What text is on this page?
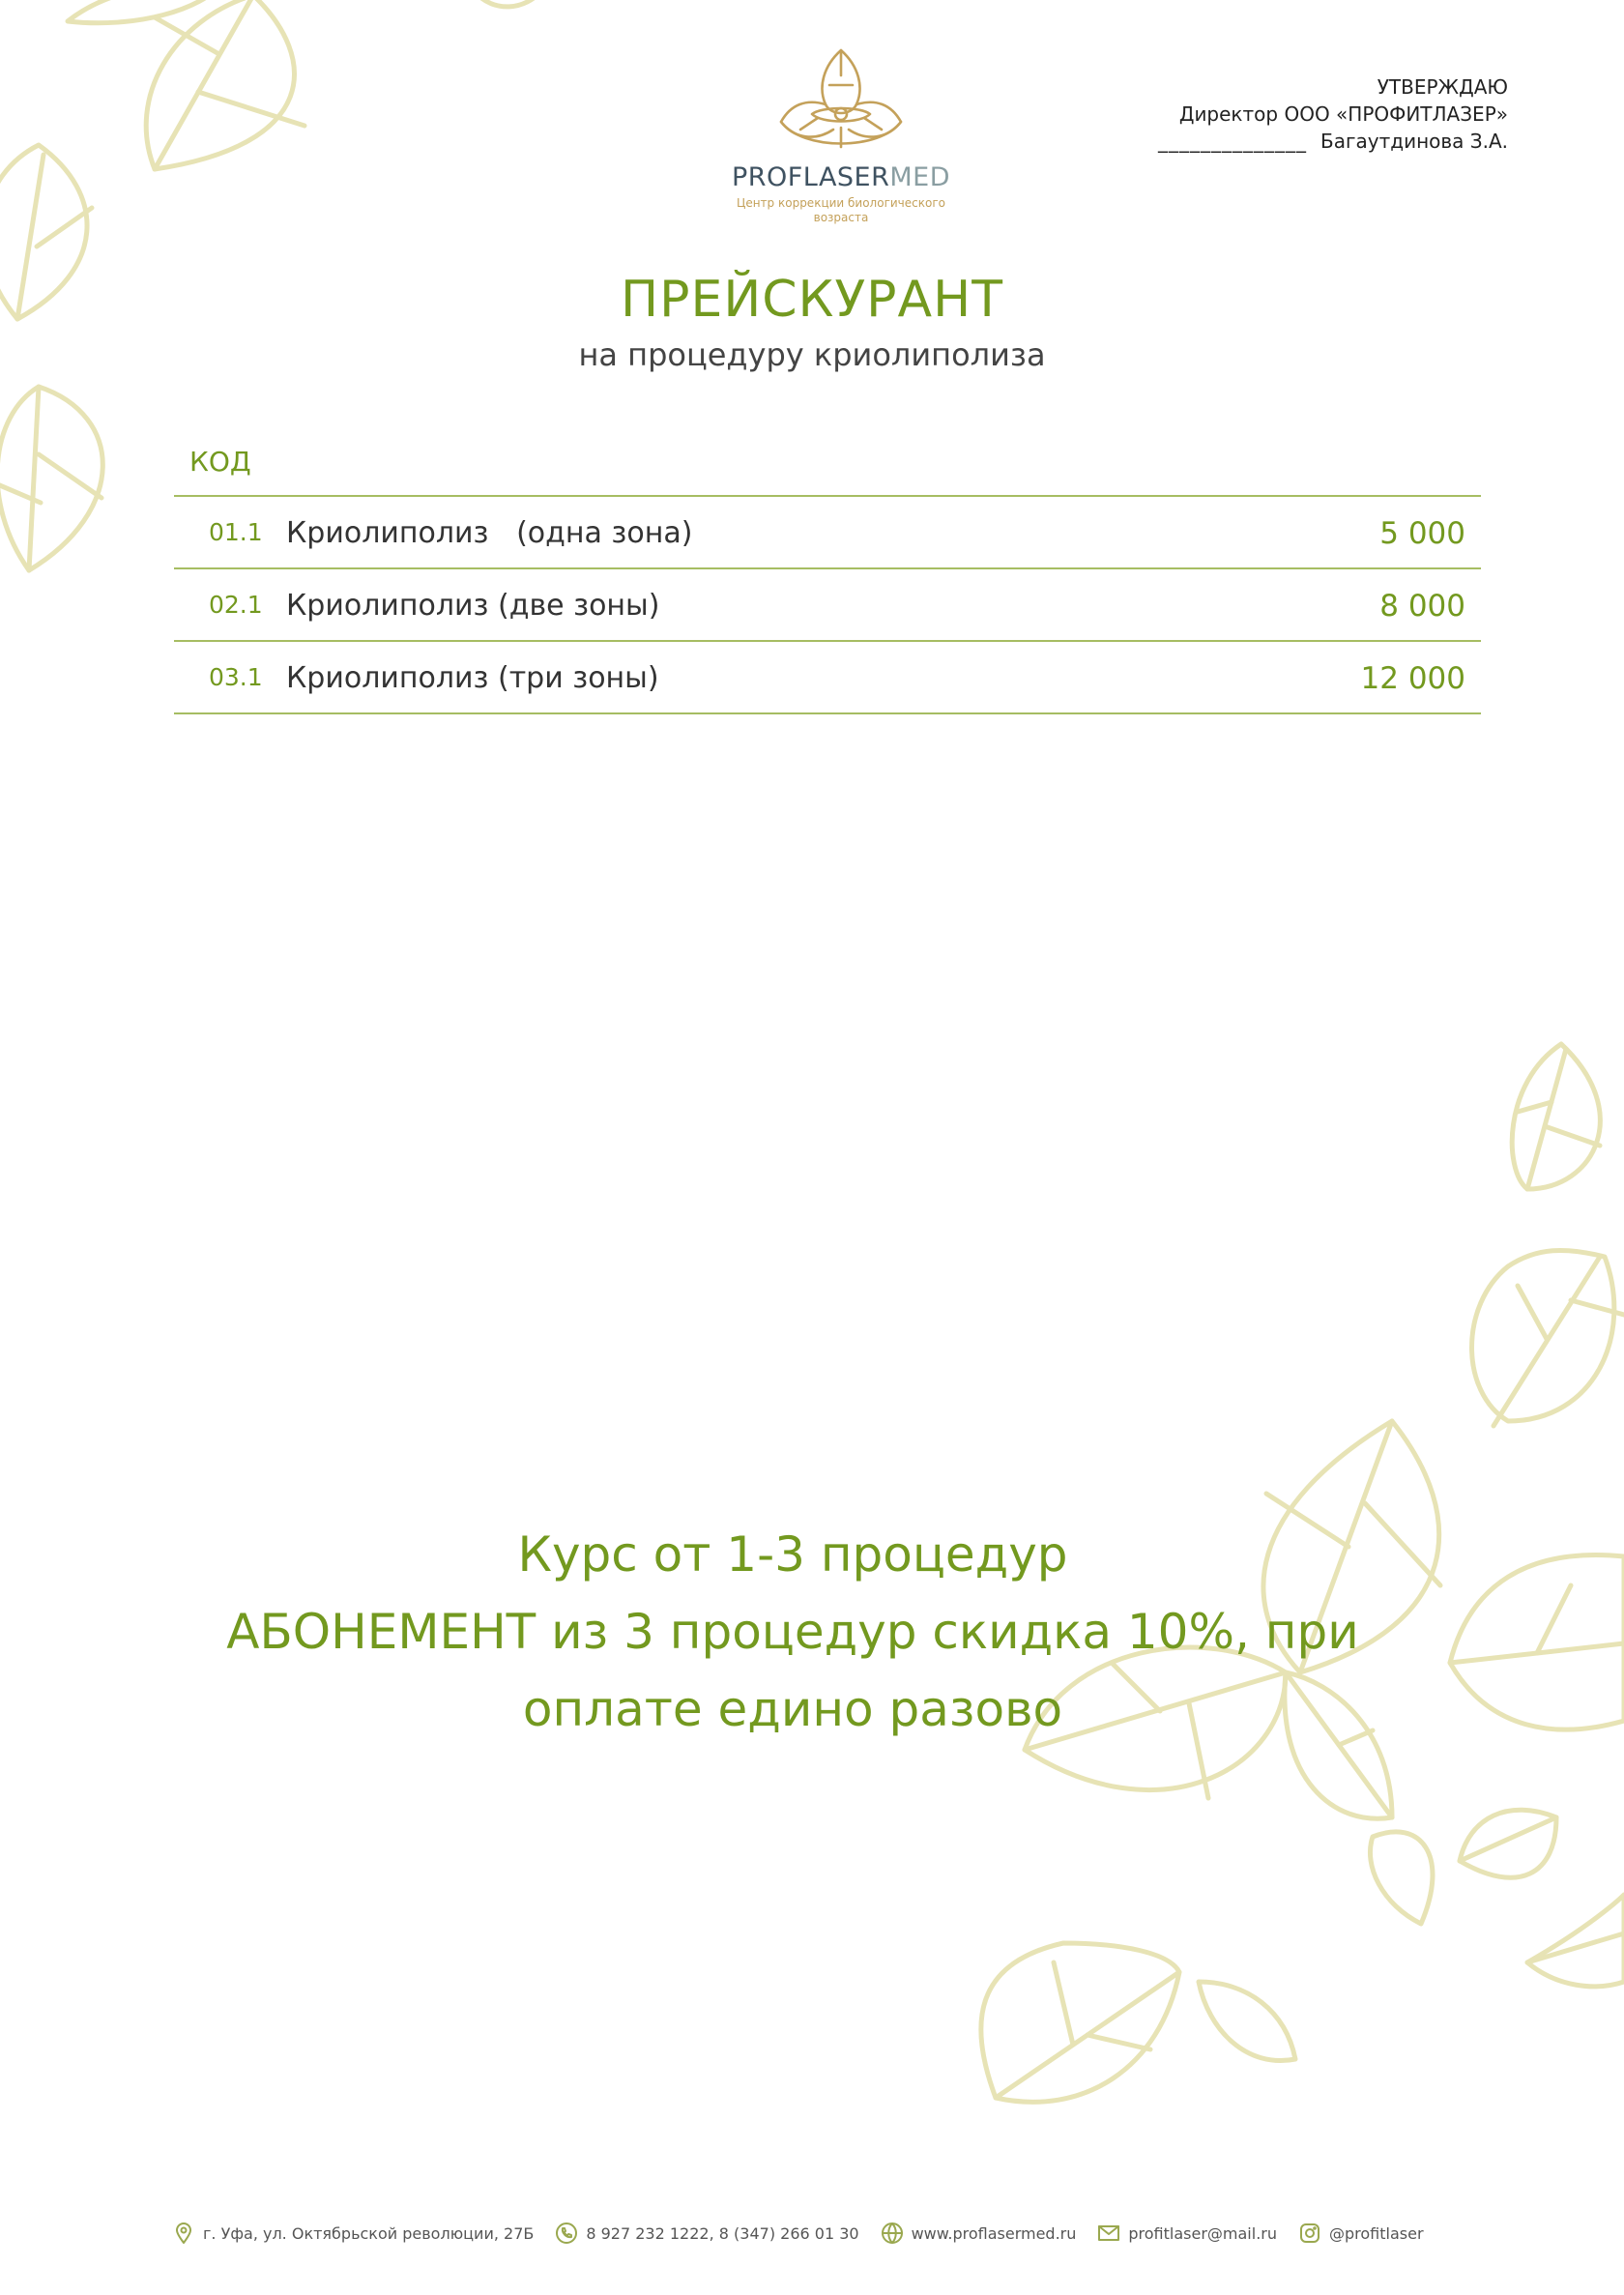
УТВЕРЖДАЮ
Директор ООО «ПРОФИТЛАЗЕР»
______________ Багаутдинова З.А.
PROFLASERMED
Центр коррекции биологического возраста
ПРЕЙСКУРАНТ
на процедуру криолиполиза
КОД
01.1 Криолиполиз   (одна зона)	5 000
02.1 Криолиполиз (две зоны)	8 000
03.1 Криолиполиз (три зоны)	12 000
Курс от 1-3 процедур
АБОНЕМЕНТ из 3 процедур скидка 10%, при
оплате едино разово
г. Уфа, ул. Октябрьской революции, 27Б	8 927 232 1222, 8 (347) 266 01 30	www.proflasermed.ru	profitlaser@mail.ru	@profitlaser
